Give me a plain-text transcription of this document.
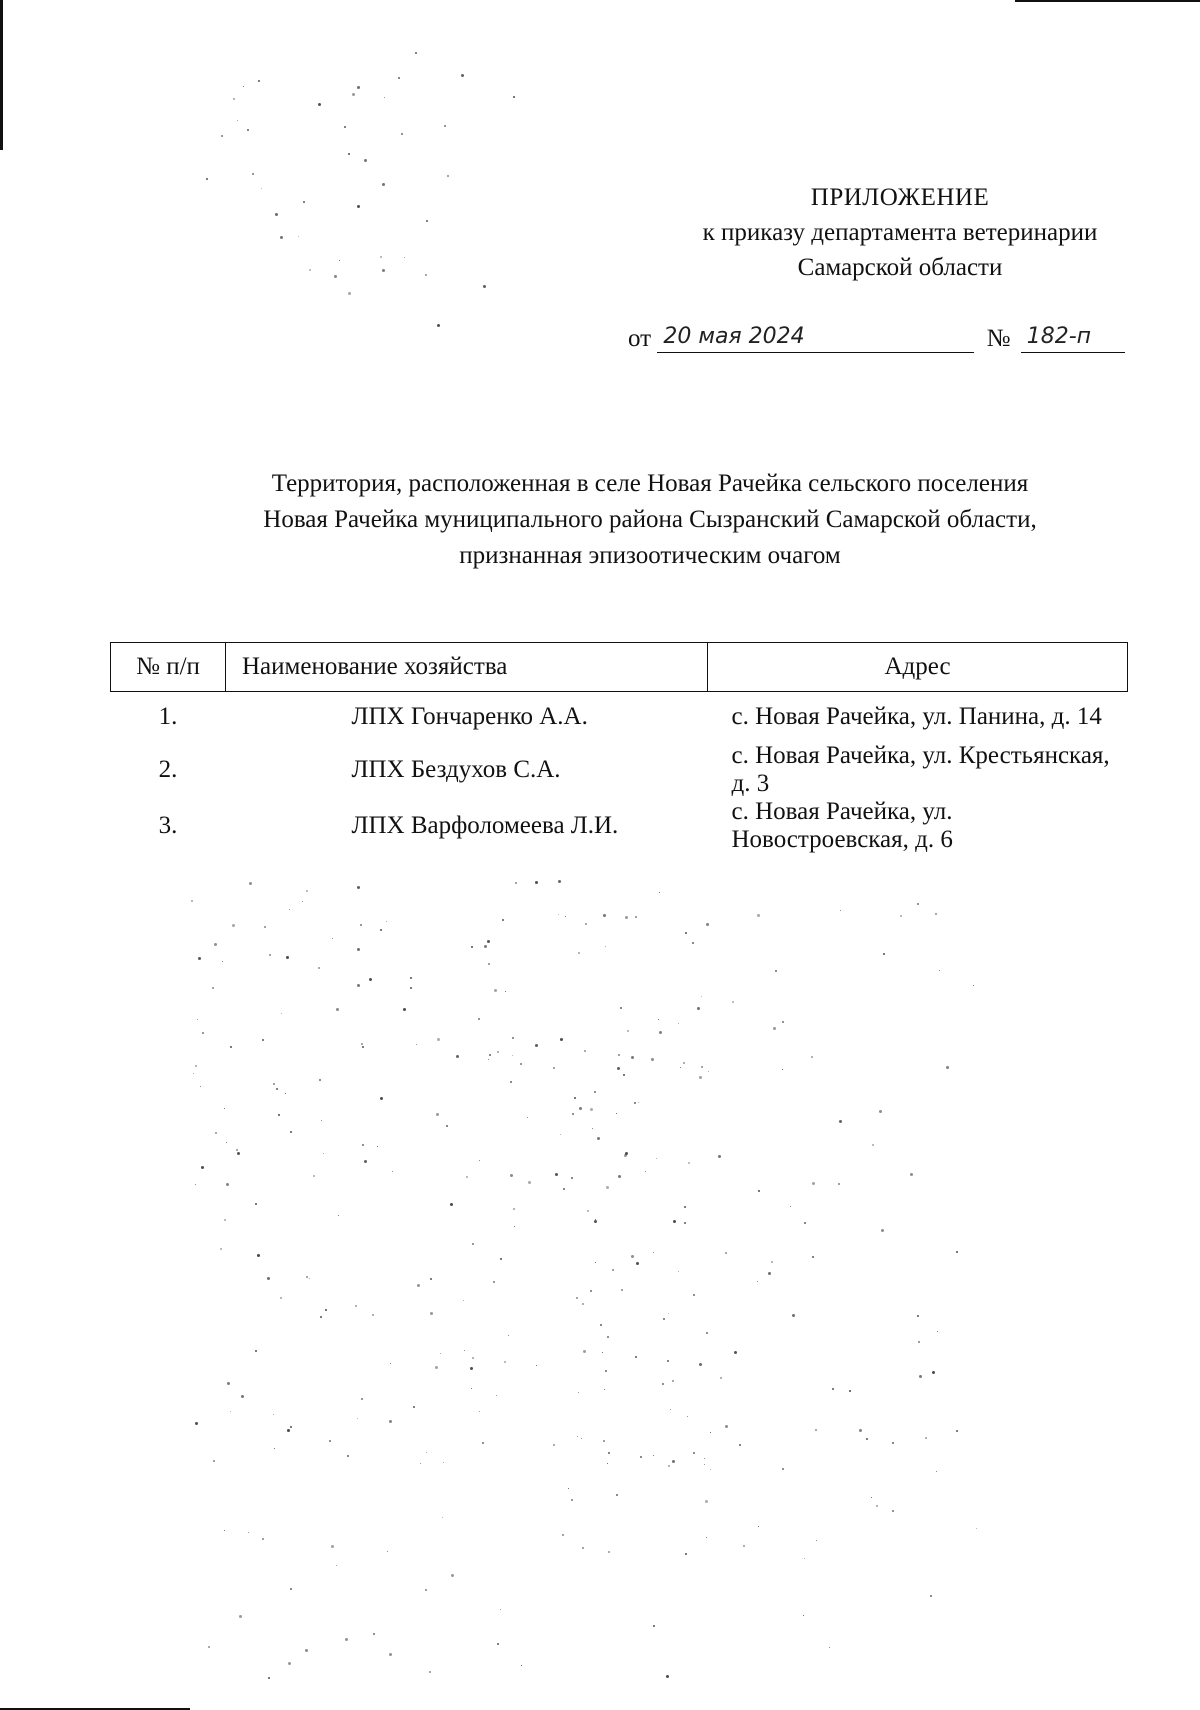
ПРИЛОЖЕНИЕ
к приказу департамента ветеринарии
Самарской области
от 20 мая 2024	№ 182-п
Территория, расположенная в селе Новая Рачейка сельского поселения
Новая Рачейка муниципального района Сызранский Самарской области,
признанная эпизоотическим очагом
№ п/п	Наименование хозяйства	Адрес
1.	ЛПХ Гончаренко А.А.	с. Новая Рачейка, ул. Панина, д. 14
2.	ЛПХ Бездухов С.А.	с. Новая Рачейка, ул. Крестьянская, д. 3
3.	ЛПХ Варфоломеева Л.И.	с. Новая Рачейка, ул. Новостроевская, д. 6
